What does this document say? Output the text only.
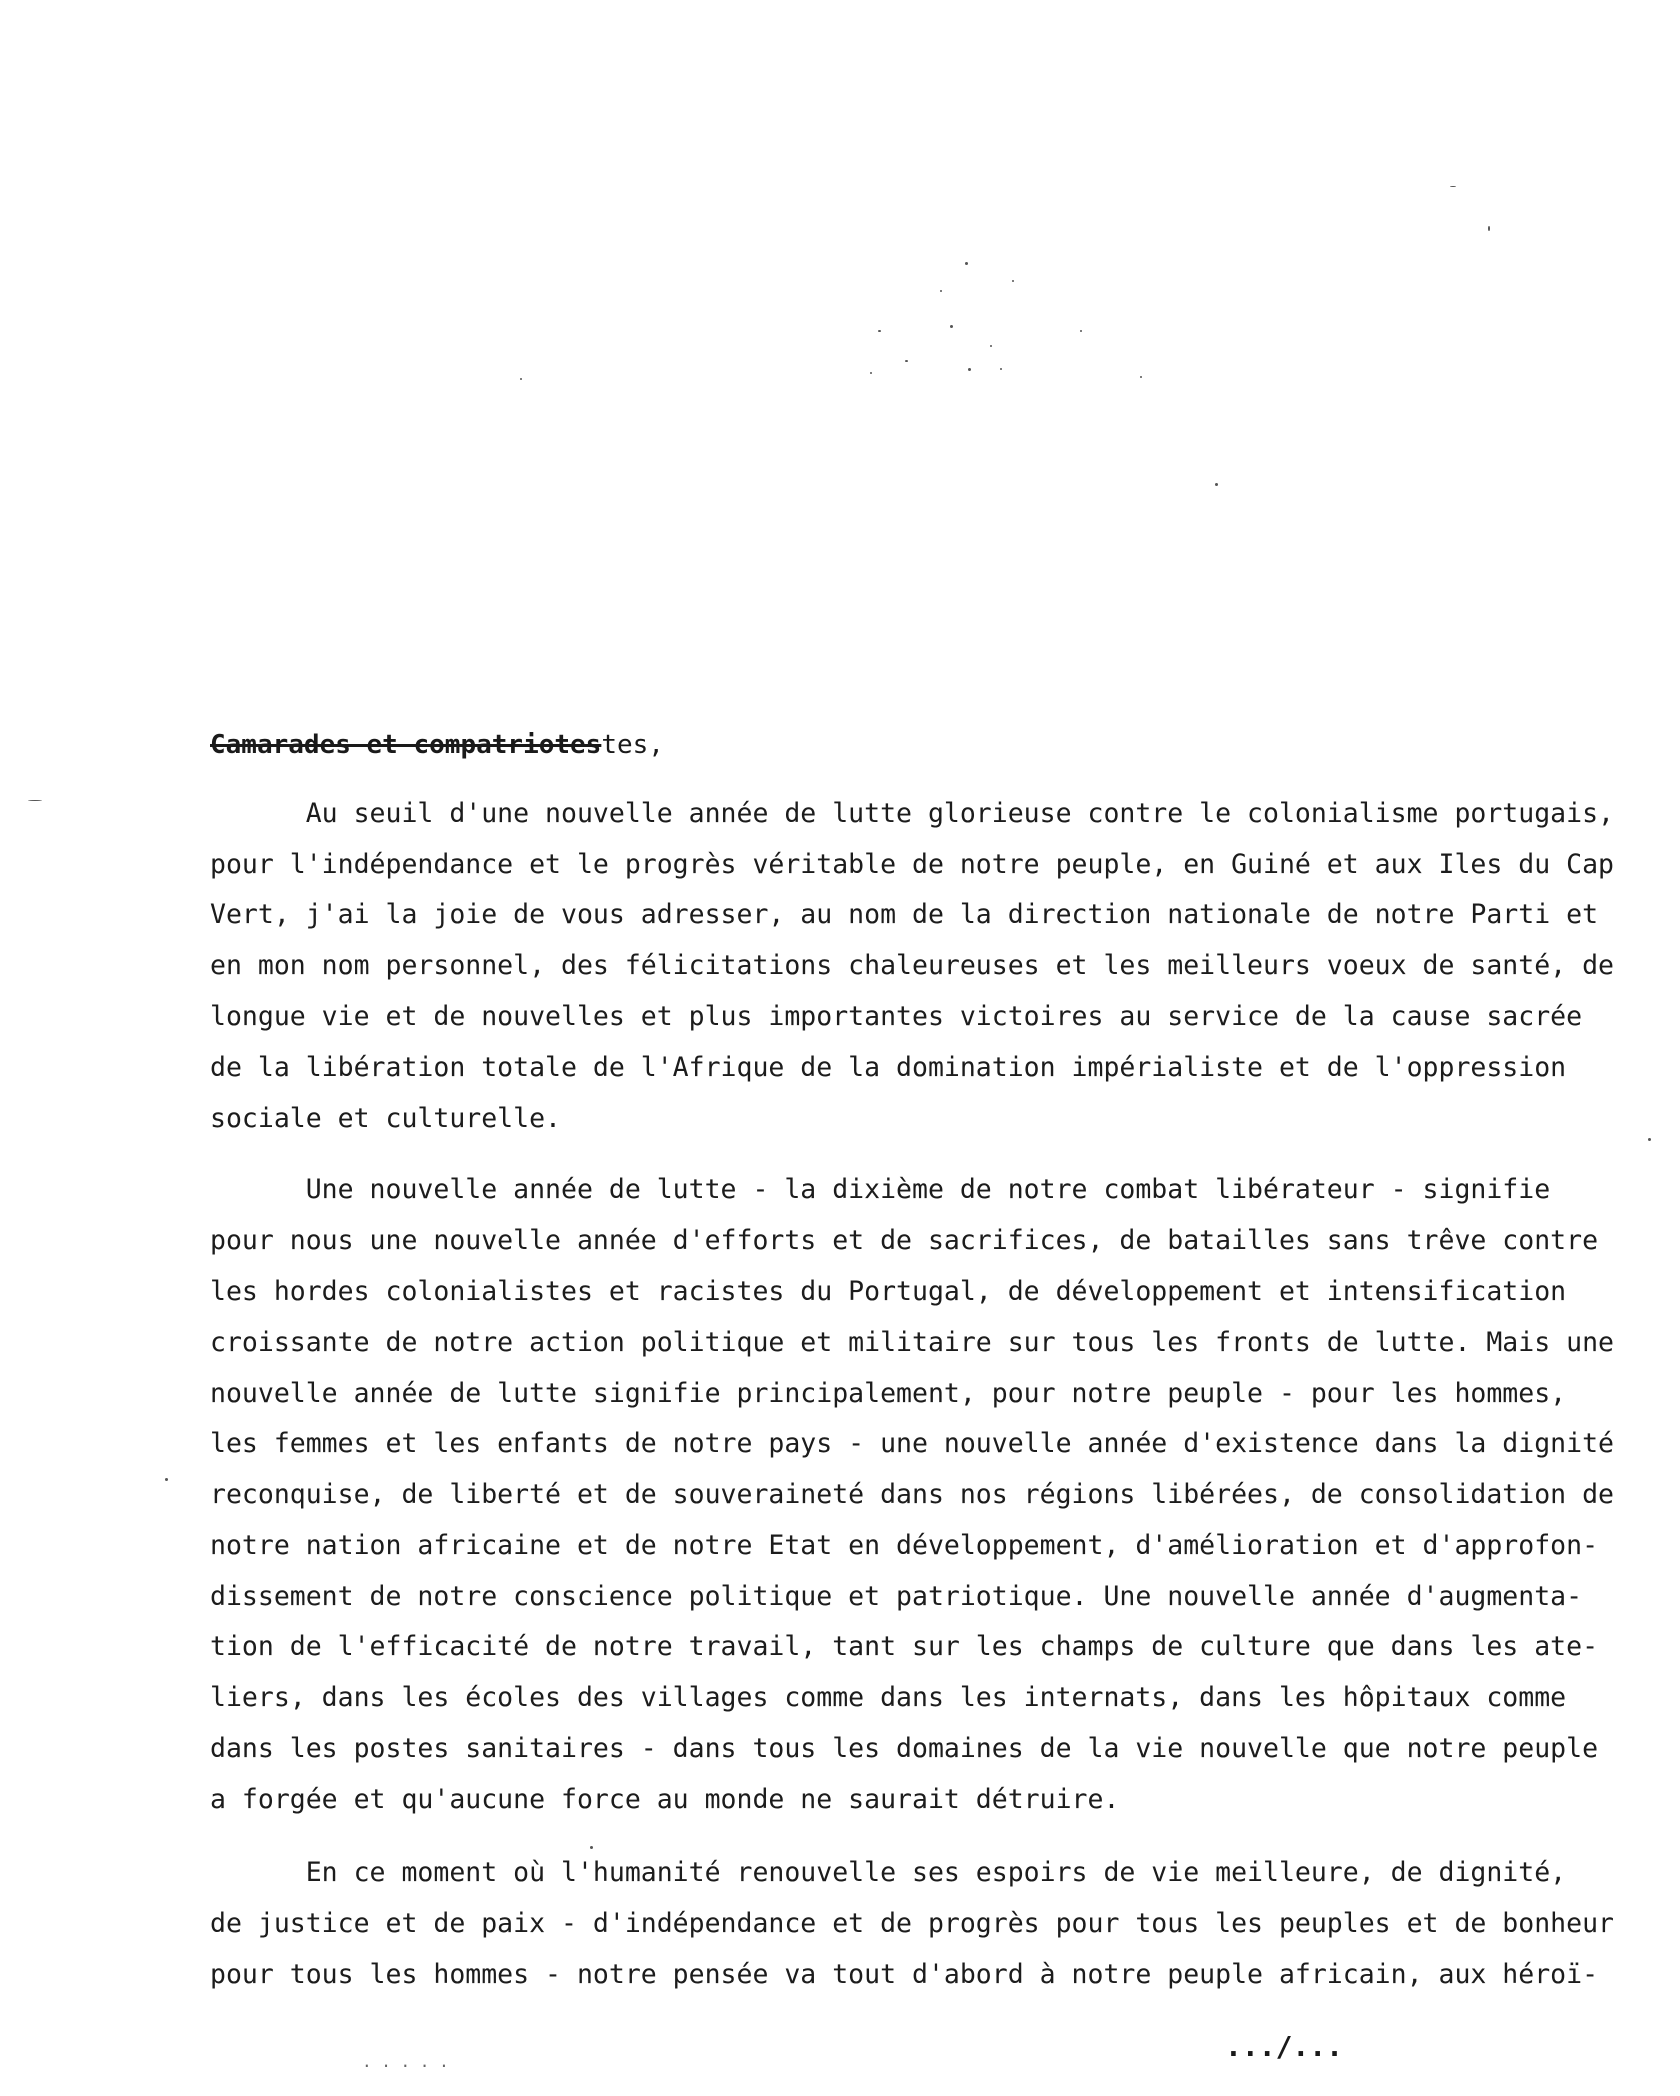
Camarades et compatriotestes,
Au seuil d'une nouvelle année de lutte glorieuse contre le colonialisme portugais,
pour l'indépendance et le progrès véritable de notre peuple, en Guiné et aux Iles du Cap
Vert, j'ai la joie de vous adresser, au nom de la direction nationale de notre Parti et
en mon nom personnel, des félicitations chaleureuses et les meilleurs voeux de santé, de
longue vie et de nouvelles et plus importantes victoires au service de la cause sacrée
de la libération totale de l'Afrique de la domination impérialiste et de l'oppression
sociale et culturelle.
Une nouvelle année de lutte - la dixième de notre combat libérateur - signifie
pour nous une nouvelle année d'efforts et de sacrifices, de batailles sans trêve contre
les hordes colonialistes et racistes du Portugal, de développement et intensification
croissante de notre action politique et militaire sur tous les fronts de lutte. Mais une
nouvelle année de lutte signifie principalement, pour notre peuple - pour les hommes,
les femmes et les enfants de notre pays - une nouvelle année d'existence dans la dignité
reconquise, de liberté et de souveraineté dans nos régions libérées, de consolidation de
notre nation africaine et de notre Etat en développement, d'amélioration et d'approfon-
dissement de notre conscience politique et patriotique. Une nouvelle année d'augmenta-
tion de l'efficacité de notre travail, tant sur les champs de culture que dans les ate-
liers, dans les écoles des villages comme dans les internats, dans les hôpitaux comme
dans les postes sanitaires - dans tous les domaines de la vie nouvelle que notre peuple
a forgée et qu'aucune force au monde ne saurait détruire.
En ce moment où l'humanité renouvelle ses espoirs de vie meilleure, de dignité,
de justice et de paix - d'indépendance et de progrès pour tous les peuples et de bonheur
pour tous les hommes - notre pensée va tout d'abord à notre peuple africain, aux héroï-
.../...
. . . . .
